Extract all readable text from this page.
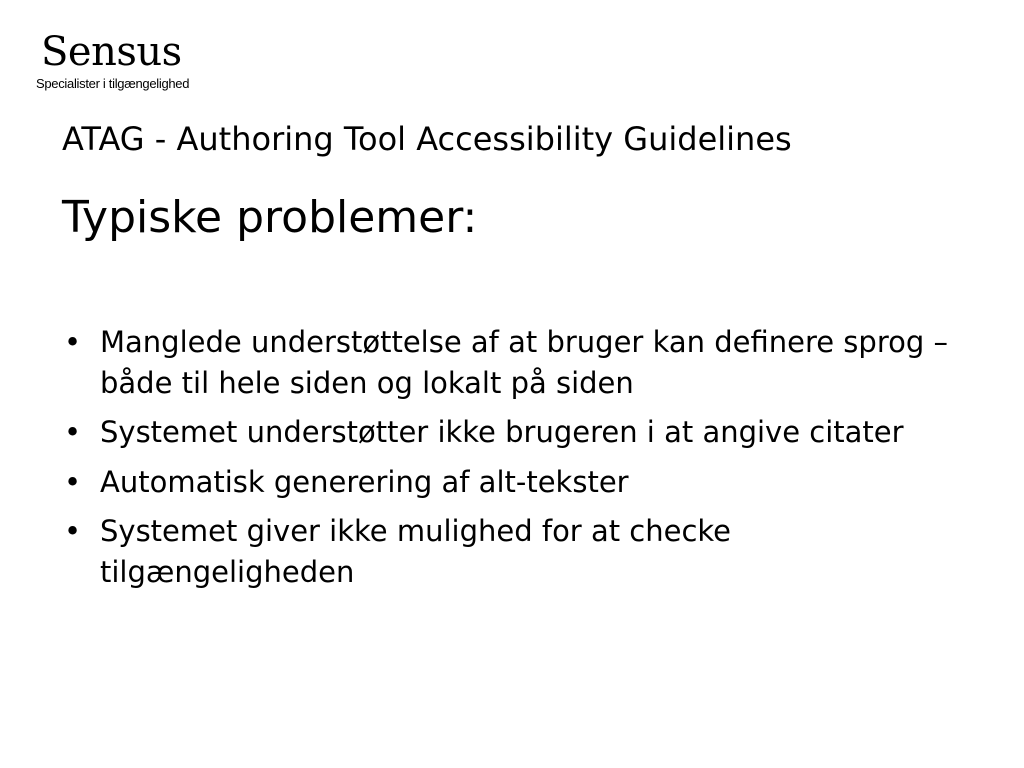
Sensus
Specialister i tilgængelighed
ATAG - Authoring Tool Accessibility Guidelines
Typiske problemer:
• Manglede understøttelse af at bruger kan definere sprog – både til hele siden og lokalt på siden
• Systemet understøtter ikke brugeren i at angive citater
• Automatisk generering af alt-tekster
• Systemet giver ikke mulighed for at checke tilgængeligheden
